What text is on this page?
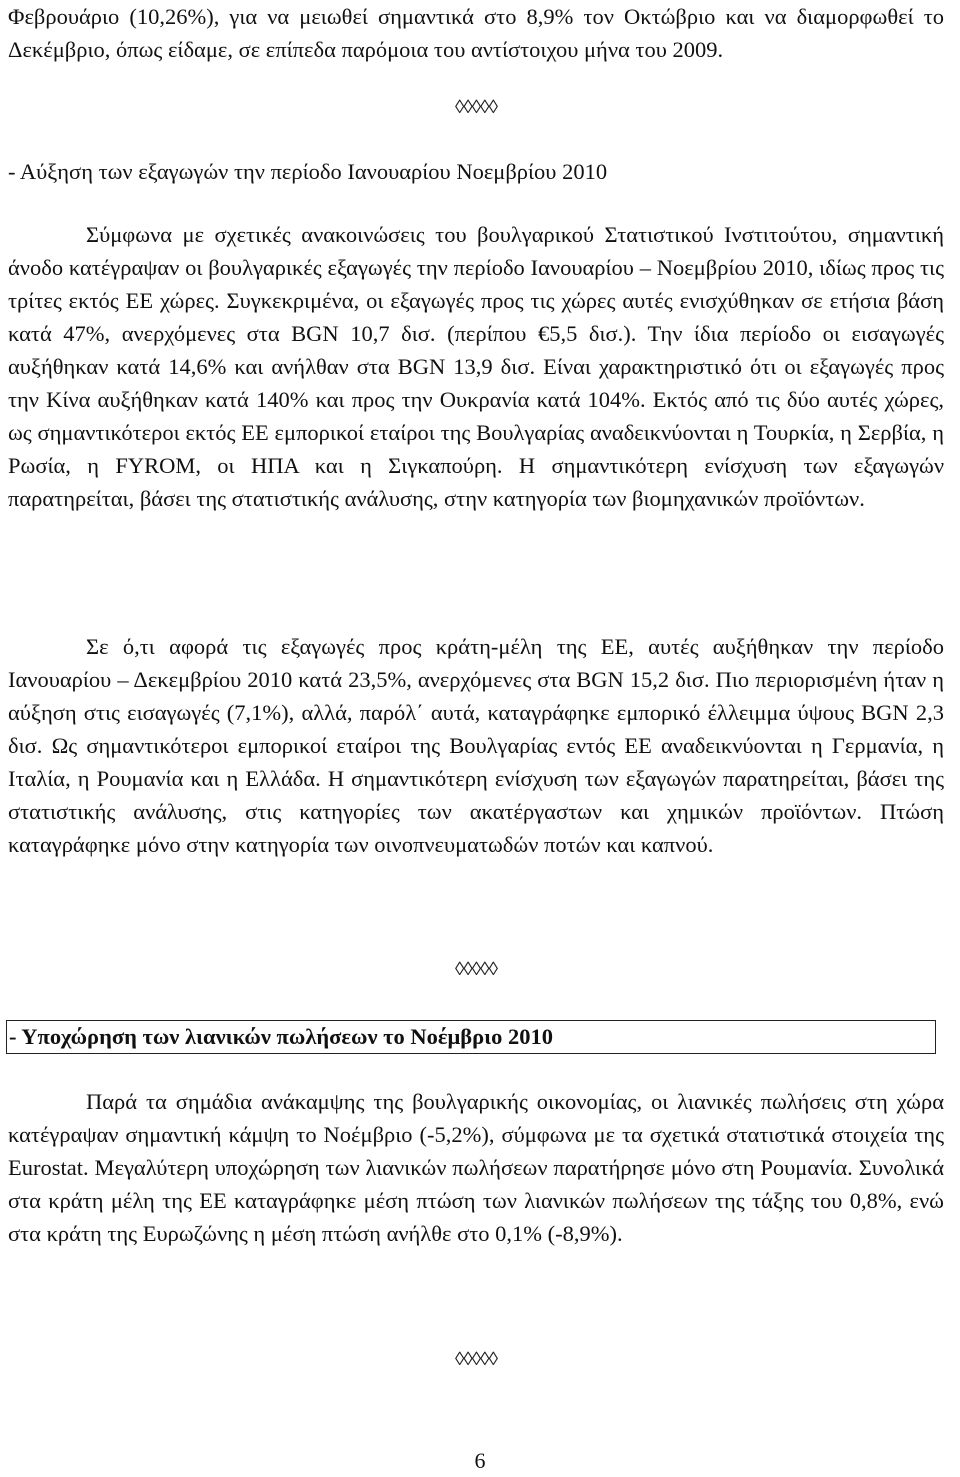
Φεβρουάριο (10,26%), για να μειωθεί σημαντικά στο 8,9% τον Οκτώβριο και να διαμορφωθεί το Δεκέμβριο, όπως είδαμε, σε επίπεδα παρόμοια του αντίστοιχου μήνα του 2009.

◊◊◊◊◊

- Αύξηση των εξαγωγών την περίοδο Ιανουαρίου Νοεμβρίου 2010

Σύμφωνα με σχετικές ανακοινώσεις του βουλγαρικού Στατιστικού Ινστιτούτου, σημαντική άνοδο κατέγραψαν οι βουλγαρικές εξαγωγές την περίοδο Ιανουαρίου – Νοεμβρίου 2010, ιδίως προς τις τρίτες εκτός ΕΕ χώρες. Συγκεκριμένα, οι εξαγωγές προς τις χώρες αυτές ενισχύθηκαν σε ετήσια βάση κατά 47%, ανερχόμενες στα BGN 10,7 δισ. (περίπου €5,5 δισ.). Την ίδια περίοδο οι εισαγωγές αυξήθηκαν κατά 14,6% και ανήλθαν στα BGN 13,9 δισ. Είναι χαρακτηριστικό ότι οι εξαγωγές προς την Κίνα αυξήθηκαν κατά 140% και προς την Ουκρανία κατά 104%. Εκτός από τις δύο αυτές χώρες, ως σημαντικότεροι εκτός ΕΕ εμπορικοί εταίροι της Βουλγαρίας αναδεικνύονται η Τουρκία, η Σερβία, η Ρωσία, η FYROM, οι ΗΠΑ και η Σιγκαπούρη. Η σημαντικότερη ενίσχυση των εξαγωγών παρατηρείται, βάσει της στατιστικής ανάλυσης, στην κατηγορία των βιομηχανικών προϊόντων.

Σε ό,τι αφορά τις εξαγωγές προς κράτη-μέλη της ΕΕ, αυτές αυξήθηκαν την περίοδο Ιανουαρίου – Δεκεμβρίου 2010 κατά 23,5%, ανερχόμενες στα BGN 15,2 δισ. Πιο περιορισμένη ήταν η αύξηση στις εισαγωγές (7,1%), αλλά, παρόλ΄ αυτά, καταγράφηκε εμπορικό έλλειμμα ύψους BGN 2,3 δισ. Ως σημαντικότεροι εμπορικοί εταίροι της Βουλγαρίας εντός ΕΕ αναδεικνύονται η Γερμανία, η Ιταλία, η Ρουμανία και η Ελλάδα. Η σημαντικότερη ενίσχυση των εξαγωγών παρατηρείται, βάσει της στατιστικής ανάλυσης, στις κατηγορίες των ακατέργαστων και χημικών προϊόντων. Πτώση καταγράφηκε μόνο στην κατηγορία των οινοπνευματωδών ποτών και καπνού.

◊◊◊◊◊
- Υποχώρηση των λιανικών πωλήσεων το Νοέμβριο 2010

Παρά τα σημάδια ανάκαμψης της βουλγαρικής οικονομίας, οι λιανικές πωλήσεις στη χώρα κατέγραψαν σημαντική κάμψη το Νοέμβριο (-5,2%), σύμφωνα με τα σχετικά στατιστικά στοιχεία της Eurostat. Μεγαλύτερη υποχώρηση των λιανικών πωλήσεων παρατήρησε μόνο στη Ρουμανία. Συνολικά στα κράτη μέλη της ΕΕ καταγράφηκε μέση πτώση των λιανικών πωλήσεων της τάξης του 0,8%, ενώ στα κράτη της Ευρωζώνης η μέση πτώση ανήλθε στο 0,1% (-8,9%).

◊◊◊◊◊
6
